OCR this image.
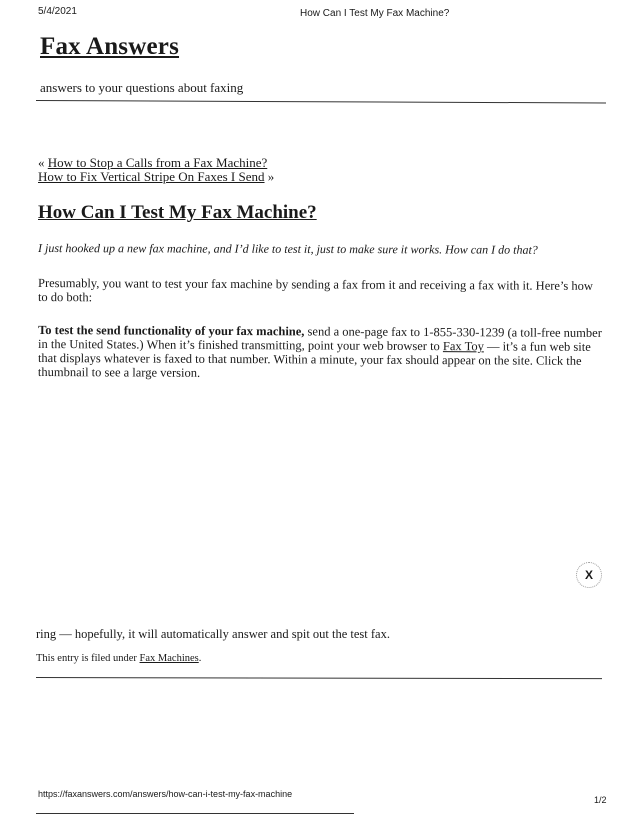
5/4/2021	How Can I Test My Fax Machine?
Fax Answers
answers to your questions about faxing
« How to Stop a Calls from a Fax Machine?
How to Fix Vertical Stripe On Faxes I Send »
How Can I Test My Fax Machine?
I just hooked up a new fax machine, and I’d like to test it, just to make sure it works. How can I do that?
Presumably, you want to test your fax machine by sending a fax from it and receiving a fax with it. Here’s how to do both:
To test the send functionality of your fax machine, send a one-page fax to 1-855-330-1239 (a toll-free number in the United States.) When it’s finished transmitting, point your web browser to Fax Toy — it’s a fun web site that displays whatever is faxed to that number. Within a minute, your fax should appear on the site. Click the thumbnail to see a large version.
X
ring — hopefully, it will automatically answer and spit out the test fax.
This entry is filed under Fax Machines.
https://faxanswers.com/answers/how-can-i-test-my-fax-machine
1/2
